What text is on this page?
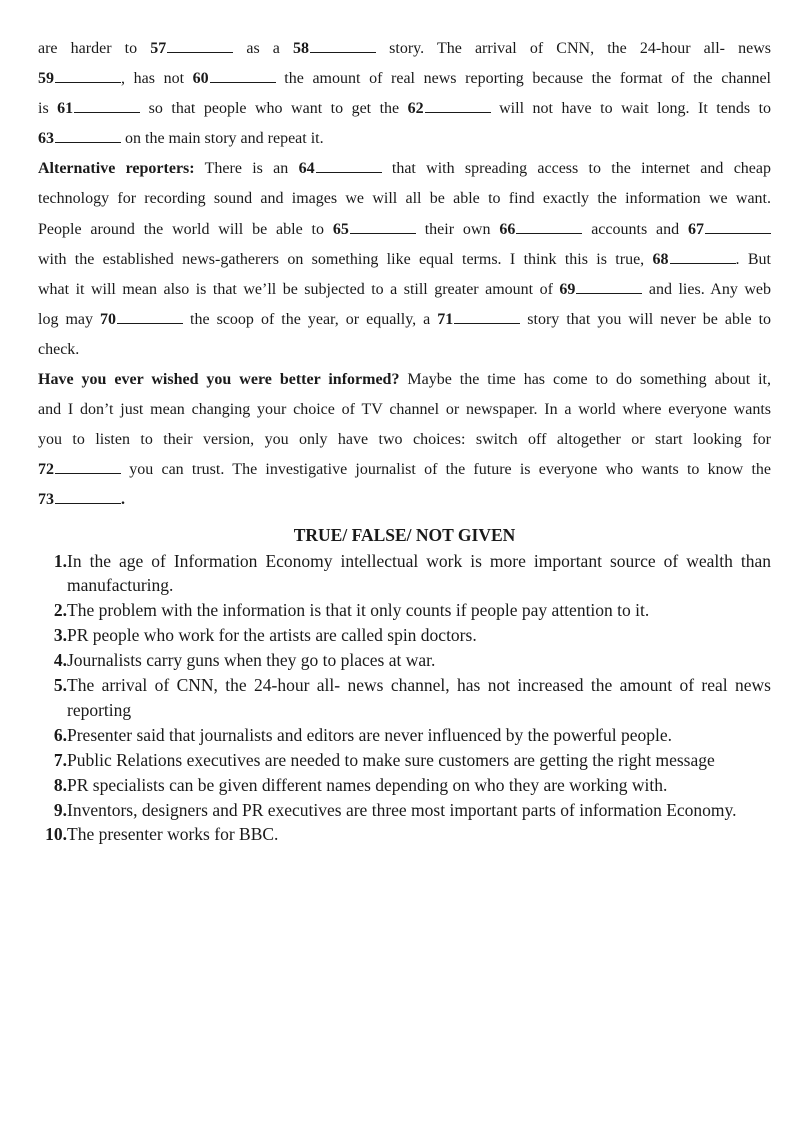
are harder to 57	as a 58	story. The arrival of CNN, the 24-hour all- news

59	, has not 60	the amount of real news reporting because the format of the channel

is 61	so that people who want to get the 62	will not have to wait long. It tends to

63	on the main story and repeat it.

Alternative reporters: There is an 64	that with spreading access to the internet and cheap

technology for recording sound and images we will all be able to find exactly the information we want.

People around the world will be able to 65	their own 66	accounts and 67

with the established news-gatherers on something like equal terms. I think this is true, 68	. But

what it will mean also is that we’ll be subjected to a still greater amount of 69	and lies. Any web

log may 70	the scoop of the year, or equally, a 71	story that you will never be able to

check.

Have you ever wished you were better informed? Maybe the time has come to do something about it,

and I don’t just mean changing your choice of TV channel or newspaper. In a world where everyone wants

you to listen to their version, you only have two choices: switch off altogether or start looking for

72	you can trust. The investigative journalist of the future is everyone who wants to know the

73	.

TRUE/ FALSE/ NOT GIVEN
1. In the age of Information Economy intellectual work is more important source of wealth than manufacturing.
2. The problem with the information is that it only counts if people pay attention to it.
3. PR people who work for the artists are called spin doctors.
4. Journalists carry guns when they go to places at war.
5. The arrival of CNN, the 24-hour all- news channel, has not increased the amount of real news reporting
6. Presenter said that journalists and editors are never influenced by the powerful people.
7. Public Relations executives are needed to make sure customers are getting the right message
8. PR specialists can be given different names depending on who they are working with.
9. Inventors, designers and PR executives are three most important parts of information Economy.
10. The presenter works for BBC.
